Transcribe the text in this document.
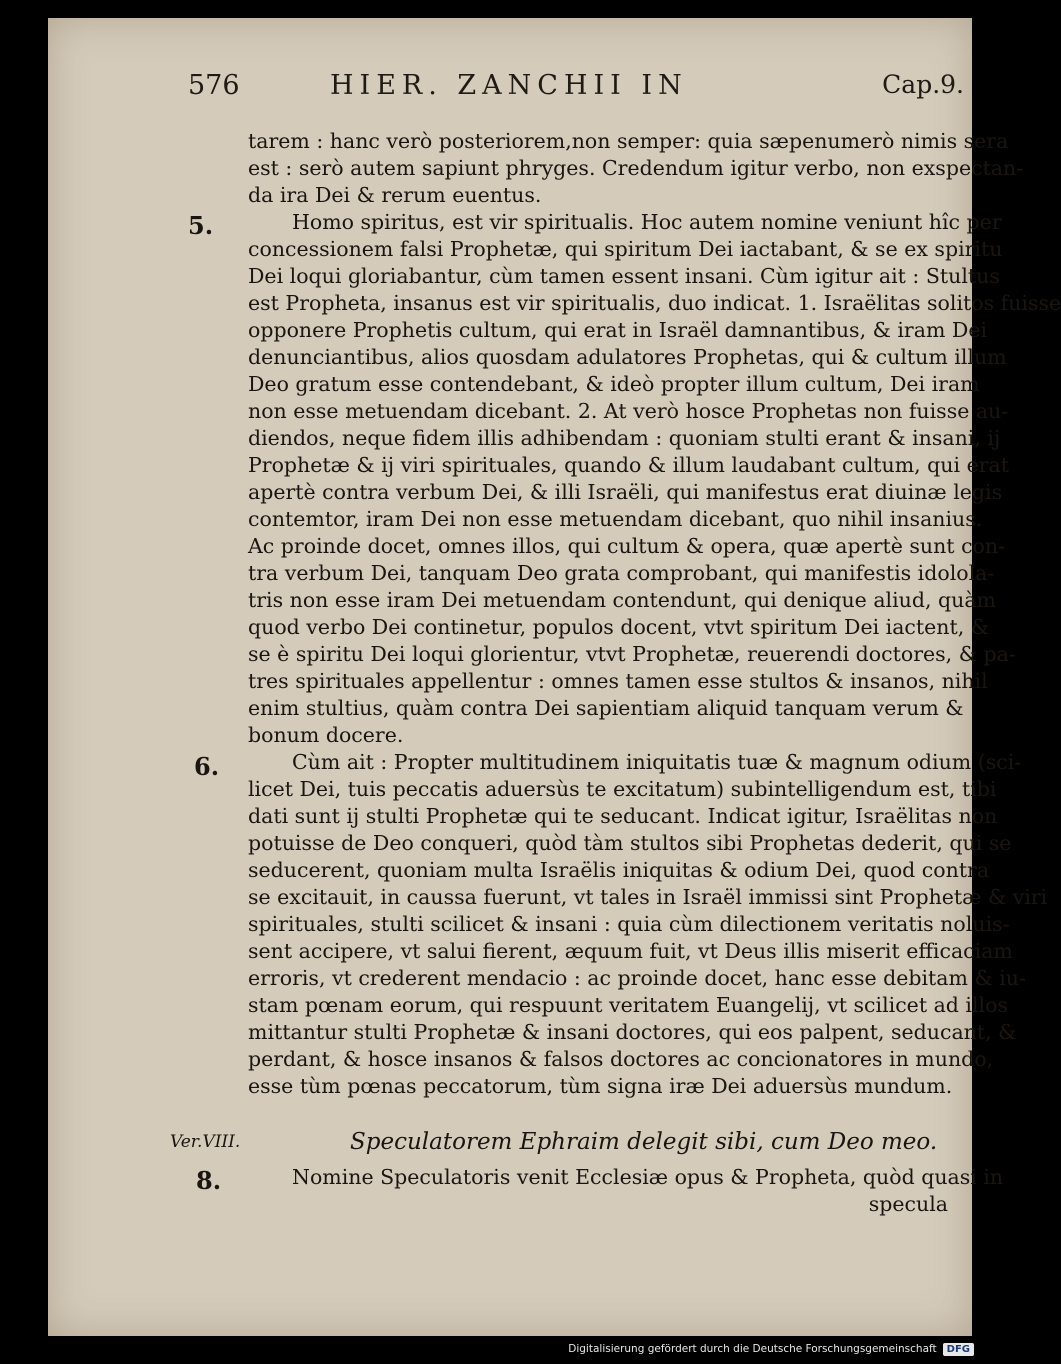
576	HIER. ZANCHII IN	Cap.9.
5.
6.
Ver.VIII.
8.
tarem : hanc verò posteriorem,non semper: quia sæpenumerò nimis sera
est : serò autem sapiunt phryges. Credendum igitur verbo, non exspectan-
da ira Dei & rerum euentus.
Homo spiritus, est vir spiritualis. Hoc autem nomine veniunt hîc per
concessionem falsi Prophetæ, qui spiritum Dei iactabant, & se ex spiritu
Dei loqui gloriabantur, cùm tamen essent insani. Cùm igitur ait : Stultus
est Propheta, insanus est vir spiritualis, duo indicat. 1. Israëlitas solitos fuisse
opponere Prophetis cultum, qui erat in Israël damnantibus, & iram Dei
denunciantibus, alios quosdam adulatores Prophetas, qui & cultum illum
Deo gratum esse contendebant, & ideò propter illum cultum, Dei iram
non esse metuendam dicebant. 2. At verò hosce Prophetas non fuisse au-
diendos, neque fidem illis adhibendam : quoniam stulti erant & insani, ij
Prophetæ & ij viri spirituales, quando & illum laudabant cultum, qui erat
apertè contra verbum Dei, & illi Israëli, qui manifestus erat diuinæ legis
contemtor, iram Dei non esse metuendam dicebant, quo nihil insanius.
Ac proinde docet, omnes illos, qui cultum & opera, quæ apertè sunt con-
tra verbum Dei, tanquam Deo grata comprobant, qui manifestis idolola-
tris non esse iram Dei metuendam contendunt, qui denique aliud, quàm
quod verbo Dei continetur, populos docent, vtvt spiritum Dei iactent, &
se è spiritu Dei loqui glorientur, vtvt Prophetæ, reuerendi doctores, & pa-
tres spirituales appellentur : omnes tamen esse stultos & insanos, nihil
enim stultius, quàm contra Dei sapientiam aliquid tanquam verum &
bonum docere.
Cùm ait : Propter multitudinem iniquitatis tuæ & magnum odium (sci-
licet Dei, tuis peccatis aduersùs te excitatum) subintelligendum est, tibi
dati sunt ij stulti Prophetæ qui te seducant. Indicat igitur, Israëlitas non
potuisse de Deo conqueri, quòd tàm stultos sibi Prophetas dederit, qui se
seducerent, quoniam multa Israëlis iniquitas & odium Dei, quod contra
se excitauit, in caussa fuerunt, vt tales in Israël immissi sint Prophetæ & viri
spirituales, stulti scilicet & insani : quia cùm dilectionem veritatis noluis-
sent accipere, vt salui fierent, æquum fuit, vt Deus illis miserit efficaciam
erroris, vt crederent mendacio : ac proinde docet, hanc esse debitam & iu-
stam pœnam eorum, qui respuunt veritatem Euangelij, vt scilicet ad illos
mittantur stulti Prophetæ & insani doctores, qui eos palpent, seducant, &
perdant, & hosce insanos & falsos doctores ac concionatores in mundo,
esse tùm pœnas peccatorum, tùm signa iræ Dei aduersùs mundum.
Speculatorem Ephraim delegit sibi, cum Deo meo.
Nomine Speculatoris venit Ecclesiæ opus & Propheta, quòd quasi in
specula
Digitalisierung gefördert durch die Deutsche Forschungsgemeinschaft	DFG
